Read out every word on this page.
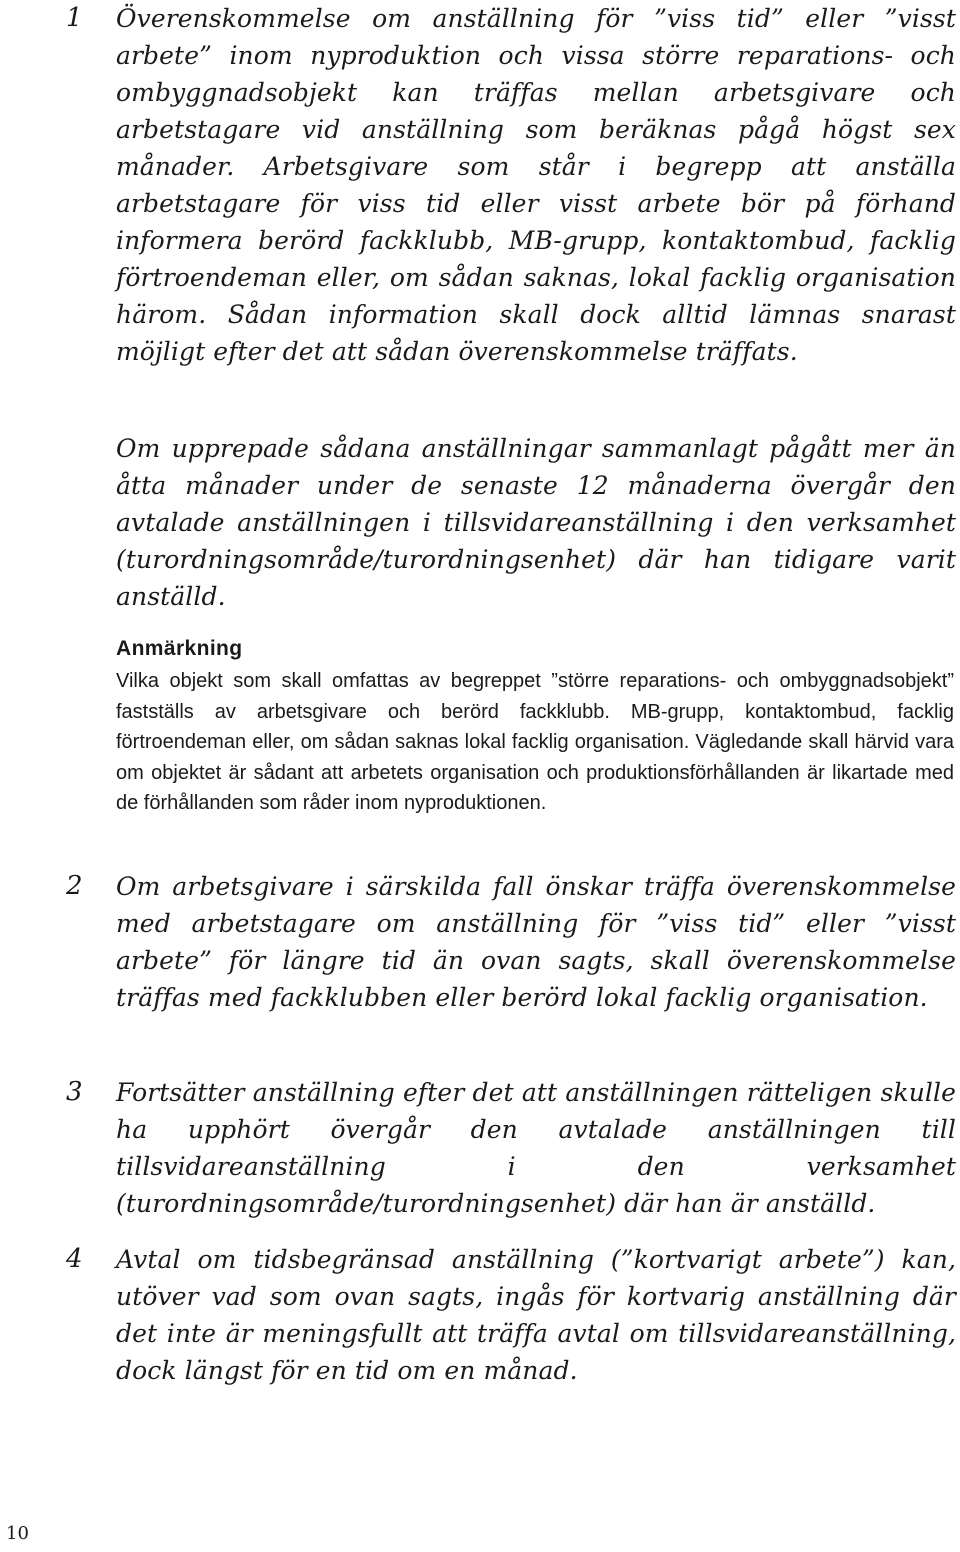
1 Överenskommelse om anställning för ”viss tid” eller ”visst arbete” inom nyproduktion och vissa större reparations- och ombyggnadsobjekt kan träffas mellan arbetsgivare och arbetstagare vid anställning som beräknas pågå högst sex månader. Arbetsgivare som står i begrepp att anställa arbetstagare för viss tid eller visst arbete bör på förhand informera berörd fackklubb, MB-grupp, kontaktombud, facklig förtroendeman eller, om sådan saknas, lokal facklig organisation härom. Sådan information skall dock alltid lämnas snarast möjligt efter det att sådan överenskommelse träffats.

Om upprepade sådana anställningar sammanlagt pågått mer än åtta månader under de senaste 12 månaderna övergår den avtalade anställningen i tillsvidareanställning i den verksamhet (turordningsområde/turordningsenhet) där han tidigare varit anställd.

Anmärkning

Vilka objekt som skall omfattas av begreppet ”större reparations- och ombyggnadsobjekt” fastställs av arbetsgivare och berörd fackklubb. MB-grupp, kontaktombud, facklig förtroendeman eller, om sådan saknas lokal facklig organisation. Vägledande skall härvid vara om objektet är sådant att arbetets organisation och produktionsförhållanden är likartade med de förhållanden som råder inom nyproduktionen.

2 Om arbetsgivare i särskilda fall önskar träffa överenskommelse med arbetstagare om anställning för ”viss tid” eller ”visst arbete” för längre tid än ovan sagts, skall överenskommelse träffas med fackklubben eller berörd lokal facklig organisation.

3 Fortsätter anställning efter det att anställningen rätteligen skulle ha upphört övergår den avtalade anställningen till tillsvidareanställning i den verksamhet (turordningsområde/turordningsenhet) där han är anställd.

4 Avtal om tidsbegränsad anställning (”kortvarigt arbete”) kan, utöver vad som ovan sagts, ingås för kortvarig anställning där det inte är meningsfullt att träffa avtal om tillsvidareanställning, dock längst för en tid om en månad.

10
